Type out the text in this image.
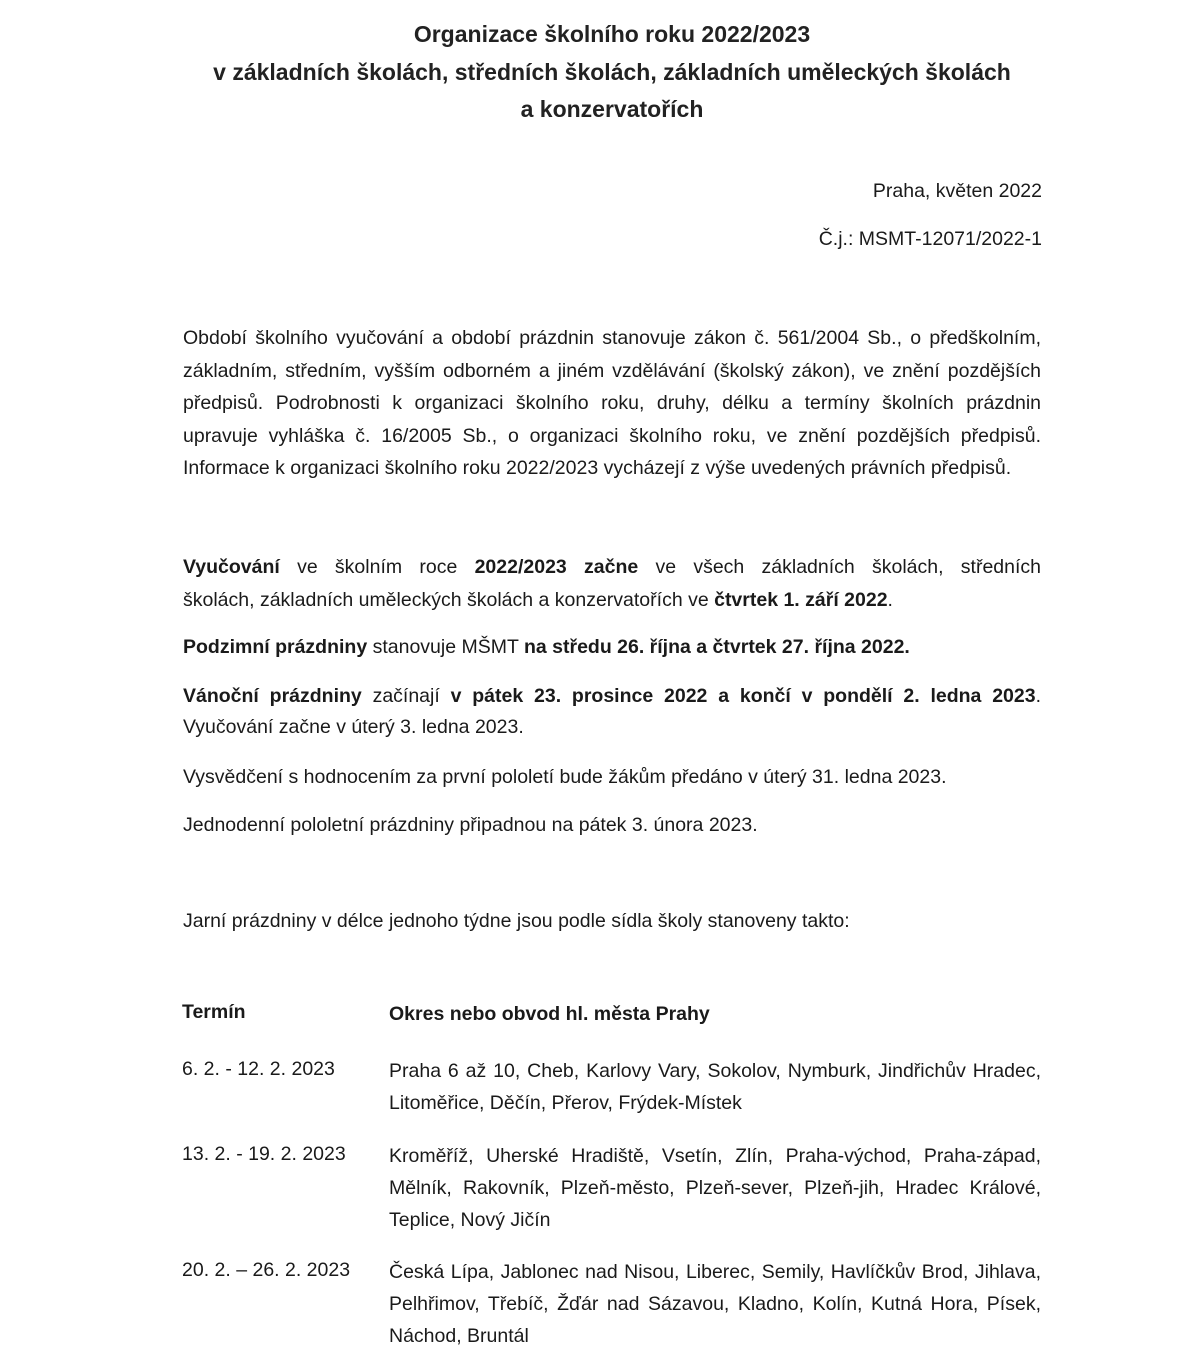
Organizace školního roku 2022/2023
v základních školách, středních školách, základních uměleckých školách
a konzervatořích
Praha, květen 2022
Č.j.: MSMT-12071/2022-1
Období školního vyučování a období prázdnin stanovuje zákon č. 561/2004 Sb., o předškolním, základním, středním, vyšším odborném a jiném vzdělávání (školský zákon), ve znění pozdějších předpisů. Podrobnosti k organizaci školního roku, druhy, délku a termíny školních prázdnin upravuje vyhláška č. 16/2005 Sb., o organizaci školního roku, ve znění pozdějších předpisů. Informace k organizaci školního roku 2022/2023 vycházejí z výše uvedených právních předpisů.
Vyučování ve školním roce 2022/2023 začne ve všech základních školách, středních
školách, základních uměleckých školách a konzervatořích ve čtvrtek 1. září 2022.
Podzimní prázdniny stanovuje MŠMT na středu 26. října a čtvrtek 27. října 2022.
Vánoční prázdniny začínají v pátek 23. prosince 2022 a končí v pondělí 2. ledna 2023.
Vyučování začne v úterý 3. ledna 2023.
Vysvědčení s hodnocením za první pololetí bude žákům předáno v úterý 31. ledna 2023.
Jednodenní pololetní prázdniny připadnou na pátek 3. února 2023.
Jarní prázdniny v délce jednoho týdne jsou podle sídla školy stanoveny takto:
Termín	Okres nebo obvod hl. města Prahy
6. 2. - 12. 2. 2023	Praha 6 až 10, Cheb, Karlovy Vary, Sokolov, Nymburk, Jindřichův Hradec, Litoměřice, Děčín, Přerov, Frýdek-Místek
13. 2. - 19. 2. 2023 Kroměříž, Uherské Hradiště, Vsetín, Zlín, Praha-východ, Praha-západ, Mělník, Rakovník, Plzeň-město, Plzeň-sever, Plzeň-jih, Hradec Králové, Teplice, Nový Jičín
20. 2. – 26. 2. 2023 Česká Lípa, Jablonec nad Nisou, Liberec, Semily, Havlíčkův Brod, Jihlava, Pelhřimov, Třebíč, Žďár nad Sázavou, Kladno, Kolín, Kutná Hora, Písek, Náchod, Bruntál
